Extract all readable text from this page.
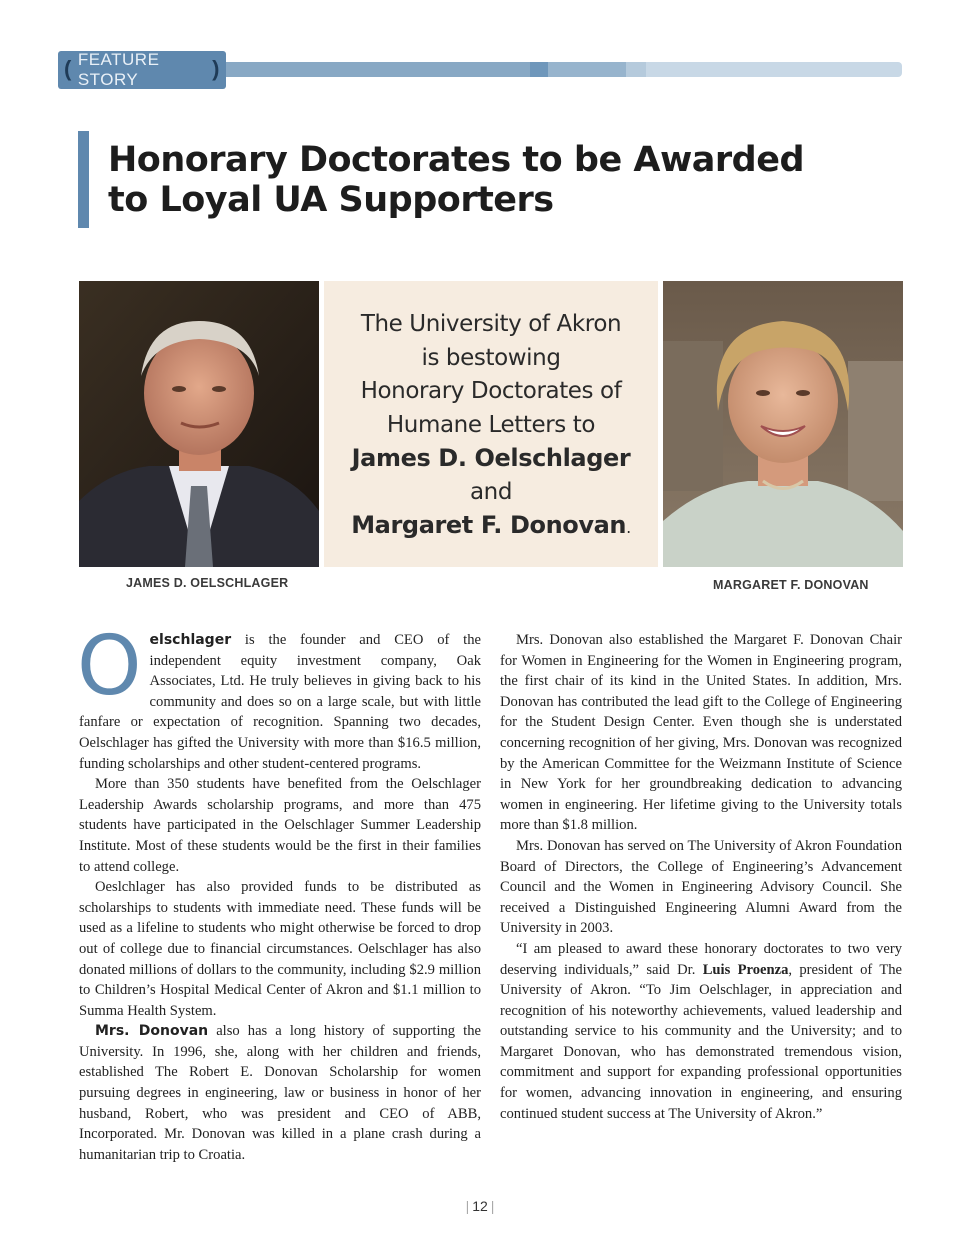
( FEATURE STORY	)
Honorary Doctorates to be Awarded
to Loyal UA Supporters
The University of Akron
is bestowing
Honorary Doctorates of
Humane Letters to
James D. Oelschlager
and
Margaret F. Donovan.
JAMES D. OELSCHLAGER	MARGARET F. DONOVAN

Oelschlager is the founder and CEO of the independent equity investment company, Oak Associates, Ltd. He truly believes in giving back to his community and does so on a large scale, but with little fanfare or expectation of recognition. Spanning two decades, Oelschlager has gifted the University with more than $16.5 million, funding scholarships and other student-centered programs.

More than 350 students have benefited from the Oelschlager Leadership Awards scholarship programs, and more than 475 students have participated in the Oelschlager Summer Leadership Institute. Most of these students would be the first in their families to attend college.

Oeslchlager has also provided funds to be distributed as scholarships to students with immediate need. These funds will be used as a lifeline to students who might otherwise be forced to drop out of college due to financial circumstances. Oelschlager has also donated millions of dollars to the community, including $2.9 million to Children’s Hospital Medical Center of Akron and $1.1 million to Summa Health System.

Mrs. Donovan also has a long history of supporting the University. In 1996, she, along with her children and friends, established The Robert E. Donovan Scholarship for women pursuing degrees in engineering, law or business in honor of her husband, Robert, who was president and CEO of ABB, Incorporated. Mr. Donovan was killed in a plane crash during a humanitarian trip to Croatia.

Mrs. Donovan also established the Margaret F. Donovan Chair for Women in Engineering for the Women in Engineering program, the first chair of its kind in the United States. In addition, Mrs. Donovan has contributed the lead gift to the College of Engineering for the Student Design Center. Even though she is understated concerning recognition of her giving, Mrs. Donovan was recognized by the American Committee for the Weizmann Institute of Science in New York for her groundbreaking dedication to advancing women in engineering. Her lifetime giving to the University totals more than $1.8 million.

Mrs. Donovan has served on The University of Akron Foundation Board of Directors, the College of Engineering’s Advancement Council and the Women in Engineering Advisory Council. She received a Distinguished Engineering Alumni Award from the University in 2003.

“I am pleased to award these honorary doctorates to two very deserving individuals,” said Dr. Luis Proenza, president of The University of Akron. “To Jim Oelschlager, in appreciation and recognition of his noteworthy achievements, valued leadership and outstanding service to his community and the University; and to Margaret Donovan, who has demonstrated tremendous vision, commitment and support for expanding professional opportunities for women, advancing innovation in engineering, and ensuring continued student success at The University of Akron.”

| 12 |
